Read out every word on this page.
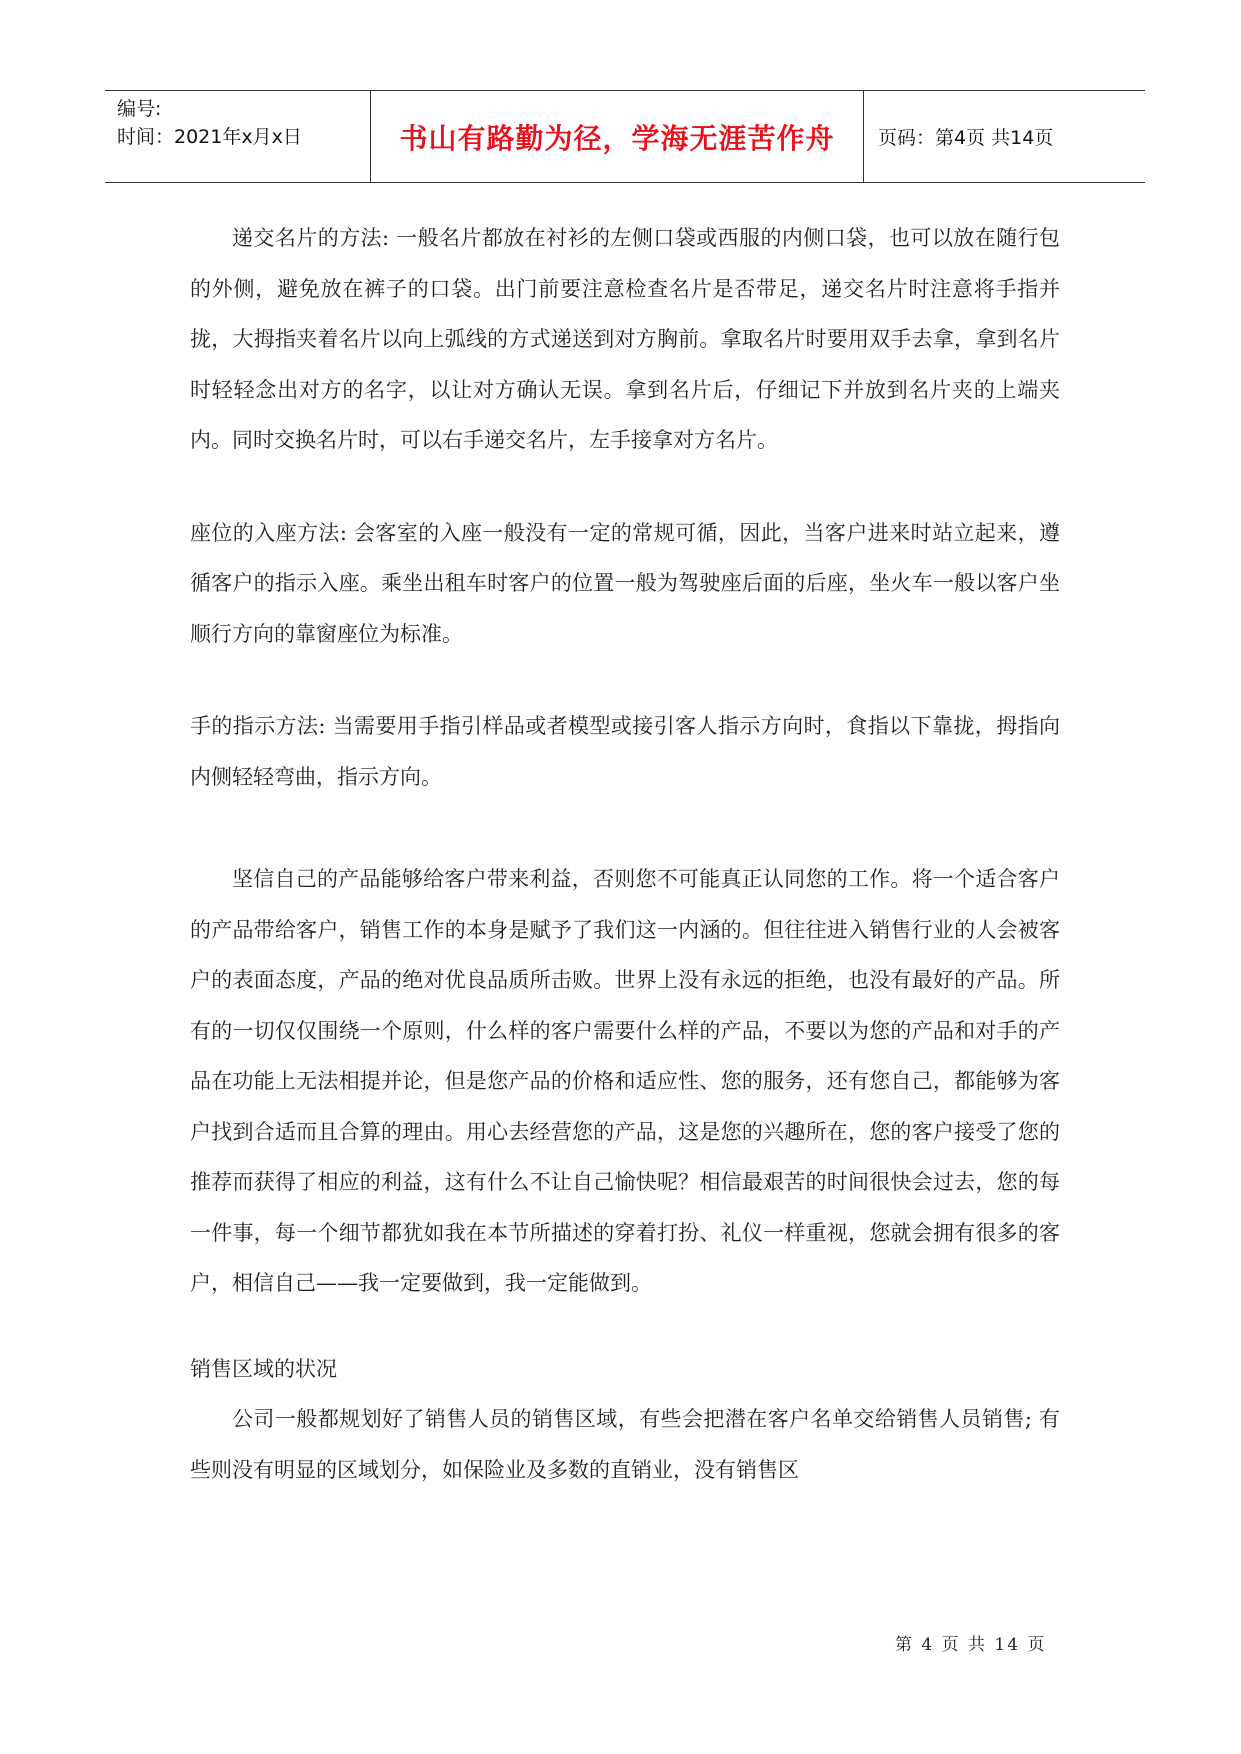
编号:
时间：2021年x月x日	书山有路勤为径，学海无涯苦作舟	页码：第4页 共14页

递交名片的方法: 一般名片都放在衬衫的左侧口袋或西服的内侧口袋，也可以放在随行包的外侧，避免放在裤子的口袋。出门前要注意检查名片是否带足，递交名片时注意将手指并拢，大拇指夹着名片以向上弧线的方式递送到对方胸前。拿取名片时要用双手去拿，拿到名片时轻轻念出对方的名字，以让对方确认无误。拿到名片后，仔细记下并放到名片夹的上端夹内。同时交换名片时，可以右手递交名片，左手接拿对方名片。

座位的入座方法: 会客室的入座一般没有一定的常规可循，因此，当客户进来时站立起来，遵循客户的指示入座。乘坐出租车时客户的位置一般为驾驶座后面的后座，坐火车一般以客户坐顺行方向的靠窗座位为标准。

手的指示方法: 当需要用手指引样品或者模型或接引客人指示方向时，食指以下靠拢，拇指向内侧轻轻弯曲，指示方向。

坚信自己的产品能够给客户带来利益，否则您不可能真正认同您的工作。将一个适合客户的产品带给客户，销售工作的本身是赋予了我们这一内涵的。但往往进入销售行业的人会被客户的表面态度，产品的绝对优良品质所击败。世界上没有永远的拒绝，也没有最好的产品。所有的一切仅仅围绕一个原则，什么样的客户需要什么样的产品，不要以为您的产品和对手的产品在功能上无法相提并论，但是您产品的价格和适应性、您的服务，还有您自己，都能够为客户找到合适而且合算的理由。用心去经营您的产品，这是您的兴趣所在，您的客户接受了您的推荐而获得了相应的利益，这有什么不让自己愉快呢？相信最艰苦的时间很快会过去，您的每一件事，每一个细节都犹如我在本节所描述的穿着打扮、礼仪一样重视，您就会拥有很多的客户，相信自己——我一定要做到，我一定能做到。

销售区域的状况

公司一般都规划好了销售人员的销售区域，有些会把潜在客户名单交给销售人员销售; 有些则没有明显的区域划分，如保险业及多数的直销业，没有销售区

第 4 页 共 14 页
